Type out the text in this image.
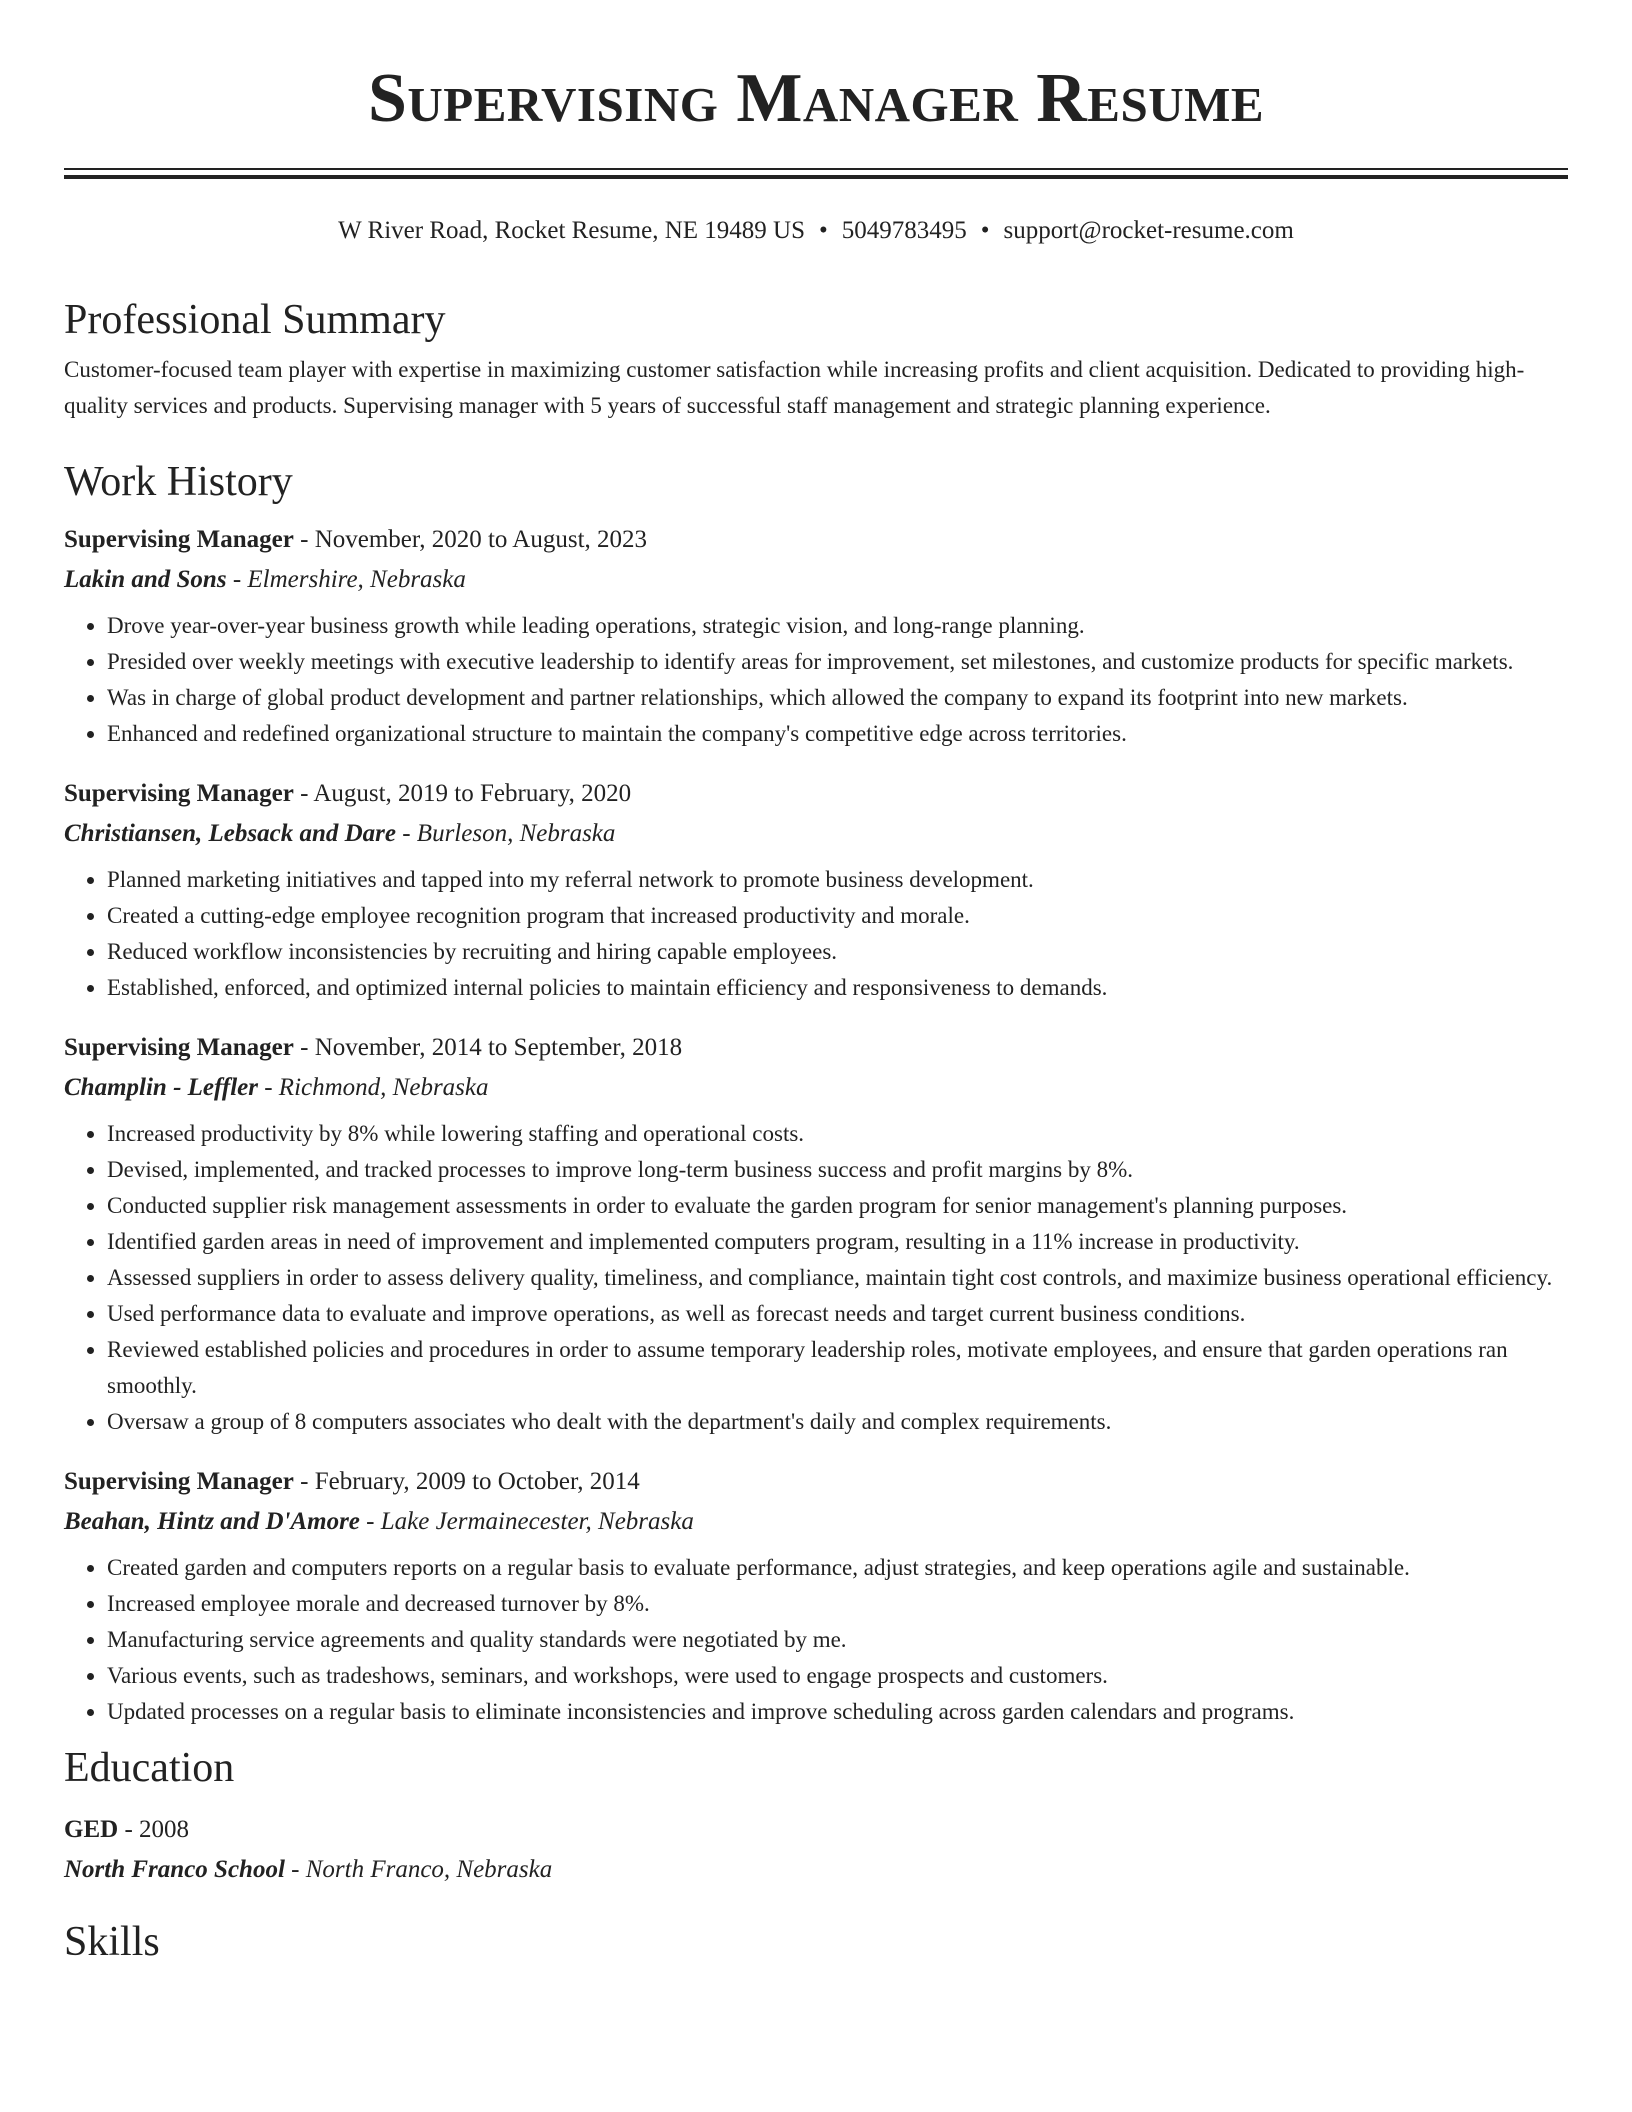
Supervising Manager Resume
W River Road, Rocket Resume, NE 19489 US • 5049783495 • support@rocket-resume.com
Professional Summary

Customer-focused team player with expertise in maximizing customer satisfaction while increasing profits and client acquisition. Dedicated to providing high-quality services and products. Supervising manager with 5 years of successful staff management and strategic planning experience.

Work History

Supervising Manager - November, 2020 to August, 2023

Lakin and Sons - Elmershire, Nebraska

• Drove year-over-year business growth while leading operations, strategic vision, and long-range planning.
• Presided over weekly meetings with executive leadership to identify areas for improvement, set milestones, and customize products for specific markets.
• Was in charge of global product development and partner relationships, which allowed the company to expand its footprint into new markets.
• Enhanced and redefined organizational structure to maintain the company's competitive edge across territories.

Supervising Manager - August, 2019 to February, 2020

Christiansen, Lebsack and Dare - Burleson, Nebraska

• Planned marketing initiatives and tapped into my referral network to promote business development.
• Created a cutting-edge employee recognition program that increased productivity and morale.
• Reduced workflow inconsistencies by recruiting and hiring capable employees.
• Established, enforced, and optimized internal policies to maintain efficiency and responsiveness to demands.

Supervising Manager - November, 2014 to September, 2018

Champlin - Leffler - Richmond, Nebraska

• Increased productivity by 8% while lowering staffing and operational costs.
• Devised, implemented, and tracked processes to improve long-term business success and profit margins by 8%.
• Conducted supplier risk management assessments in order to evaluate the garden program for senior management's planning purposes.
• Identified garden areas in need of improvement and implemented computers program, resulting in a 11% increase in productivity.
• Assessed suppliers in order to assess delivery quality, timeliness, and compliance, maintain tight cost controls, and maximize business operational efficiency.
• Used performance data to evaluate and improve operations, as well as forecast needs and target current business conditions.
• Reviewed established policies and procedures in order to assume temporary leadership roles, motivate employees, and ensure that garden operations ran smoothly.
• Oversaw a group of 8 computers associates who dealt with the department's daily and complex requirements.

Supervising Manager - February, 2009 to October, 2014

Beahan, Hintz and D'Amore - Lake Jermainecester, Nebraska

• Created garden and computers reports on a regular basis to evaluate performance, adjust strategies, and keep operations agile and sustainable.
• Increased employee morale and decreased turnover by 8%.
• Manufacturing service agreements and quality standards were negotiated by me.
• Various events, such as tradeshows, seminars, and workshops, were used to engage prospects and customers.
• Updated processes on a regular basis to eliminate inconsistencies and improve scheduling across garden calendars and programs.
Education

GED - 2008

North Franco School - North Franco, Nebraska

Skills
